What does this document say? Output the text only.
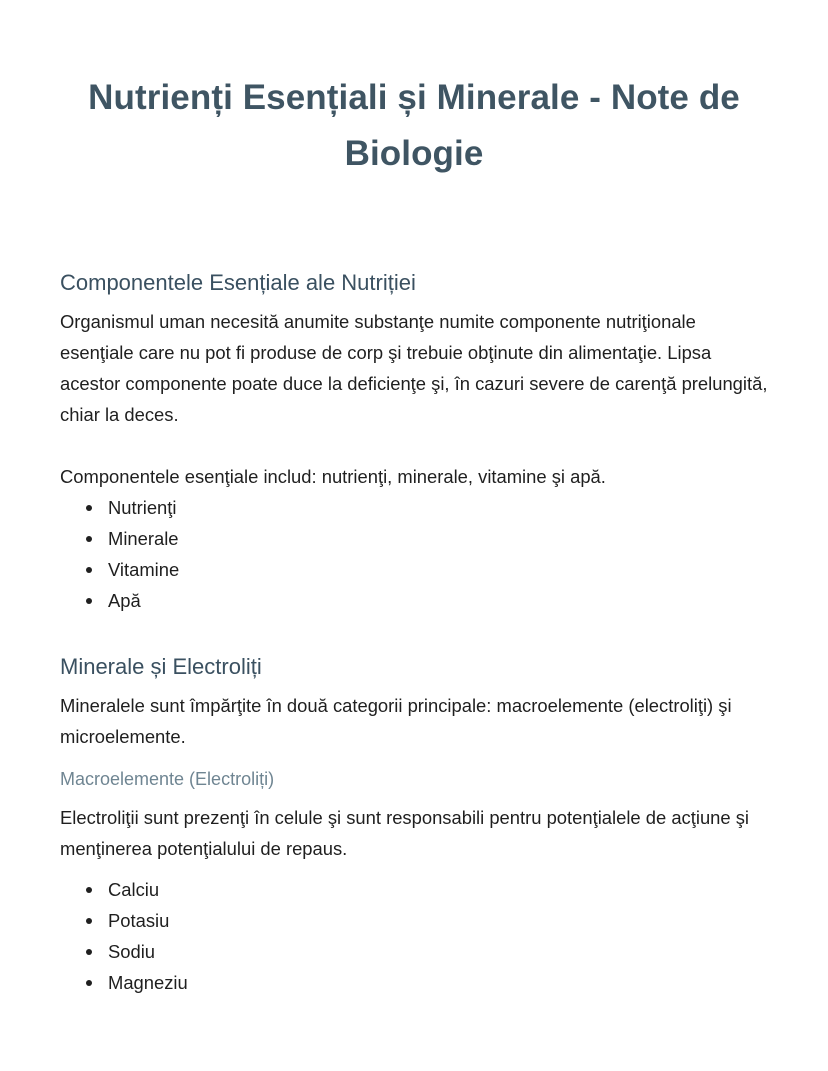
Nutrienți Esențiali și Minerale - Note de Biologie
Componentele Esențiale ale Nutriției

Organismul uman necesită anumite substanţe numite componente nutriţionale esenţiale care nu pot fi produse de corp şi trebuie obţinute din alimentaţie. Lipsa acestor componente poate duce la deficienţe şi, în cazuri severe de carenţă prelungită, chiar la deces.

Componentele esenţiale includ: nutrienţi, minerale, vitamine şi apă.

Nutrienţi
Minerale
Vitamine
Apă
Minerale și Electroliți

Mineralele sunt împărţite în două categorii principale: macroelemente (electroliţi) şi microelemente.

Macroelemente (Electroliți)

Electroliţii sunt prezenţi în celule şi sunt responsabili pentru potenţialele de acţiune şi menţinerea potenţialului de repaus.

Calciu
Potasiu
Sodiu
Magneziu
